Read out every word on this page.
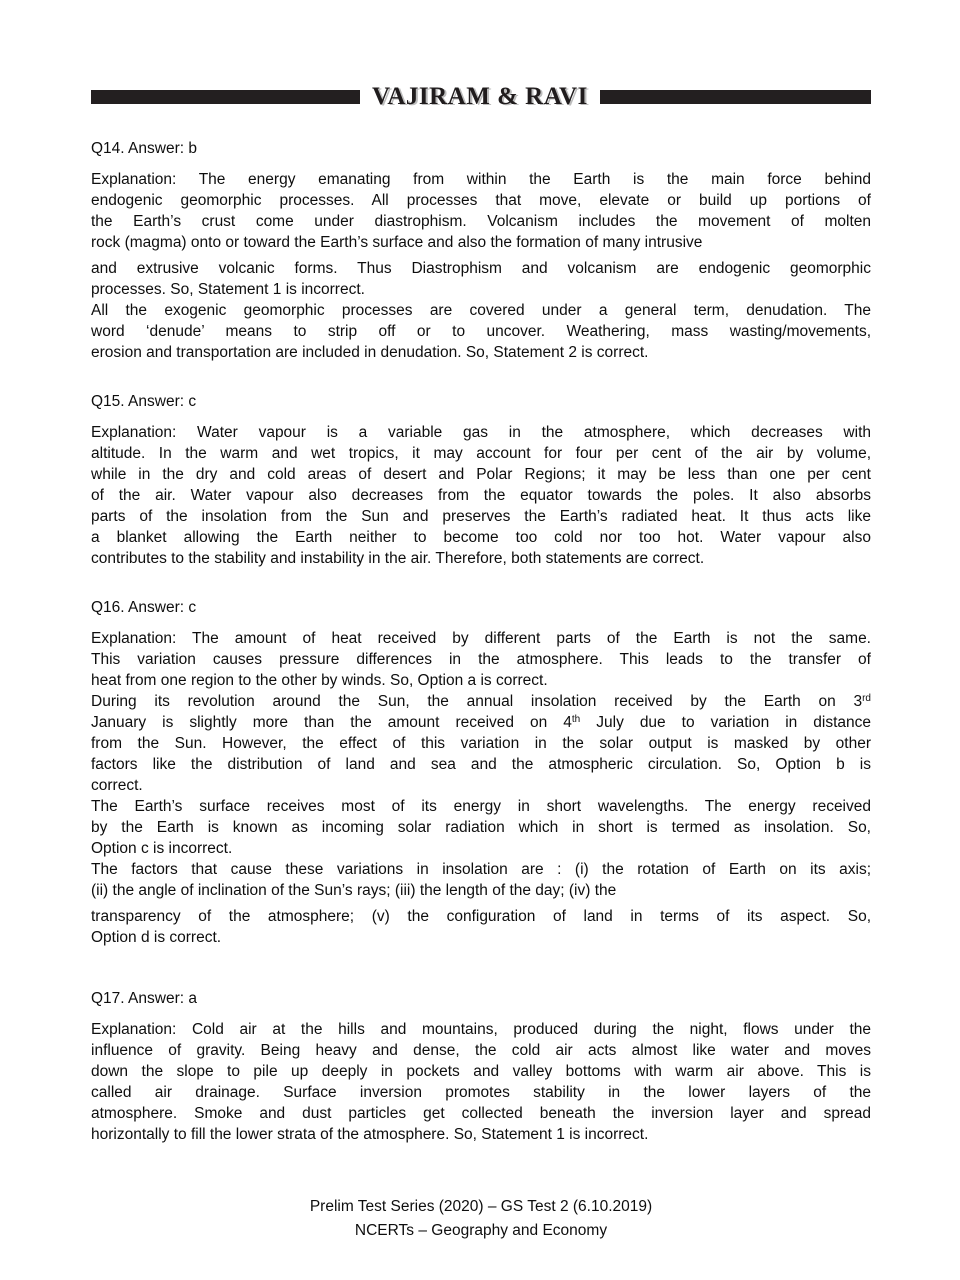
VAJIRAM & RAVI

Q14. Answer: b

Explanation: The energy emanating from within the Earth is the main force behind
endogenic geomorphic processes. All processes that move, elevate or build up portions of
the Earth’s crust come under diastrophism. Volcanism includes the movement of molten
rock (magma) onto or toward the Earth’s surface and also the formation of many intrusive
and extrusive volcanic forms. Thus Diastrophism and volcanism are endogenic geomorphic
processes. So, Statement 1 is incorrect.
All the exogenic geomorphic processes are covered under a general term, denudation. The
word ‘denude’ means to strip off or to uncover. Weathering, mass wasting/movements,
erosion and transportation are included in denudation. So, Statement 2 is correct.

Q15. Answer: c

Explanation: Water vapour is a variable gas in the atmosphere, which decreases with
altitude. In the warm and wet tropics, it may account for four per cent of the air by volume,
while in the dry and cold areas of desert and Polar Regions; it may be less than one per cent
of the air. Water vapour also decreases from the equator towards the poles. It also absorbs
parts of the insolation from the Sun and preserves the Earth’s radiated heat. It thus acts like
a blanket allowing the Earth neither to become too cold nor too hot. Water vapour also
contributes to the stability and instability in the air. Therefore, both statements are correct.

Q16. Answer: c

Explanation: The amount of heat received by different parts of the Earth is not the same.
This variation causes pressure differences in the atmosphere. This leads to the transfer of
heat from one region to the other by winds. So, Option a is correct.
During its revolution around the Sun, the annual insolation received by the Earth on 3rd
January is slightly more than the amount received on 4th July due to variation in distance
from the Sun. However, the effect of this variation in the solar output is masked by other
factors like the distribution of land and sea and the atmospheric circulation. So, Option b is
correct.
The Earth’s surface receives most of its energy in short wavelengths. The energy received
by the Earth is known as incoming solar radiation which in short is termed as insolation. So,
Option c is incorrect.
The factors that cause these variations in insolation are : (i) the rotation of Earth on its axis;
(ii) the angle of inclination of the Sun’s rays; (iii) the length of the day; (iv) the
transparency of the atmosphere; (v) the configuration of land in terms of its aspect. So,
Option d is correct.

Q17. Answer: a

Explanation: Cold air at the hills and mountains, produced during the night, flows under the
influence of gravity. Being heavy and dense, the cold air acts almost like water and moves
down the slope to pile up deeply in pockets and valley bottoms with warm air above. This is
called air drainage. Surface inversion promotes stability in the lower layers of the
atmosphere. Smoke and dust particles get collected beneath the inversion layer and spread
horizontally to fill the lower strata of the atmosphere. So, Statement 1 is incorrect.

Prelim Test Series (2020) – GS Test 2 (6.10.2019)

NCERTs – Geography and Economy
